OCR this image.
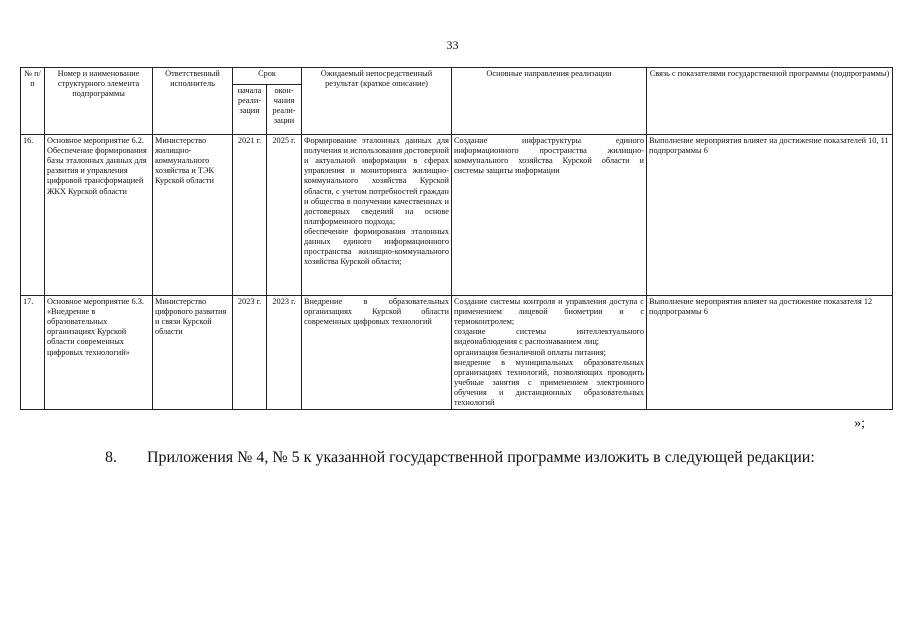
33
№ п/п	Номер и наименование структурного элемента подпрограммы	Ответственный исполнитель	Срок		Ожидаемый непосредственный результат (краткое описание)	Основные направления реализации	Связь с показателями государственной программы (подпрограммы)
			начала реали-зации	окон-чания реали-зации			
16.	Основное мероприятие 6.2. Обеспечение формирования базы эталонных данных для развития и управления цифровой трансформацией ЖКХ Курской области	Министерство жилищно-коммунального хозяйства и ТЭК Курской области	2021 г.	2025 г.	Формирование эталонных данных для получения и использования достоверной и актуальной информации в сферах управления и мониторинга жилищно-коммунального хозяйства Курской области, с учетом потребностей граждан и общества в получении качественных и достоверных сведений на основе платформенного подхода;
обеспечение формирования эталонных данных единого информационного пространства жилищно-коммунального хозяйства Курской области;	Создание инфраструктуры единого информационного пространства жилищно-коммунального хозяйства Курской области и системы защиты информации	Выполнение мероприятия влияет на достижение показателей 10, 11 подпрограммы 6
17.	Основное мероприятие 6.3. «Внедрение в образовательных организациях Курской области современных цифровых технологий»	Министерство цифрового развития и связи Курской области	2023 г.	2023 г.	Внедрение в образовательных организациях Курской области современных цифровых технологий	Создание системы контроля и управления доступа с применением лицевой биометрии и с термоконтролем;
создание системы интеллектуального видеонаблюдения с распознаванием лиц;
организация безналичной оплаты питания;
внедрение в муниципальных образовательных организациях технологий, позволяющих проводить учебные занятия с применением электронного обучения и дистанционных образовательных технологий	Выполнение мероприятия влияет на достижение показателя 12 подпрограммы 6
»;
8. Приложения № 4, № 5 к указанной государственной программе изложить в следующей редакции:
